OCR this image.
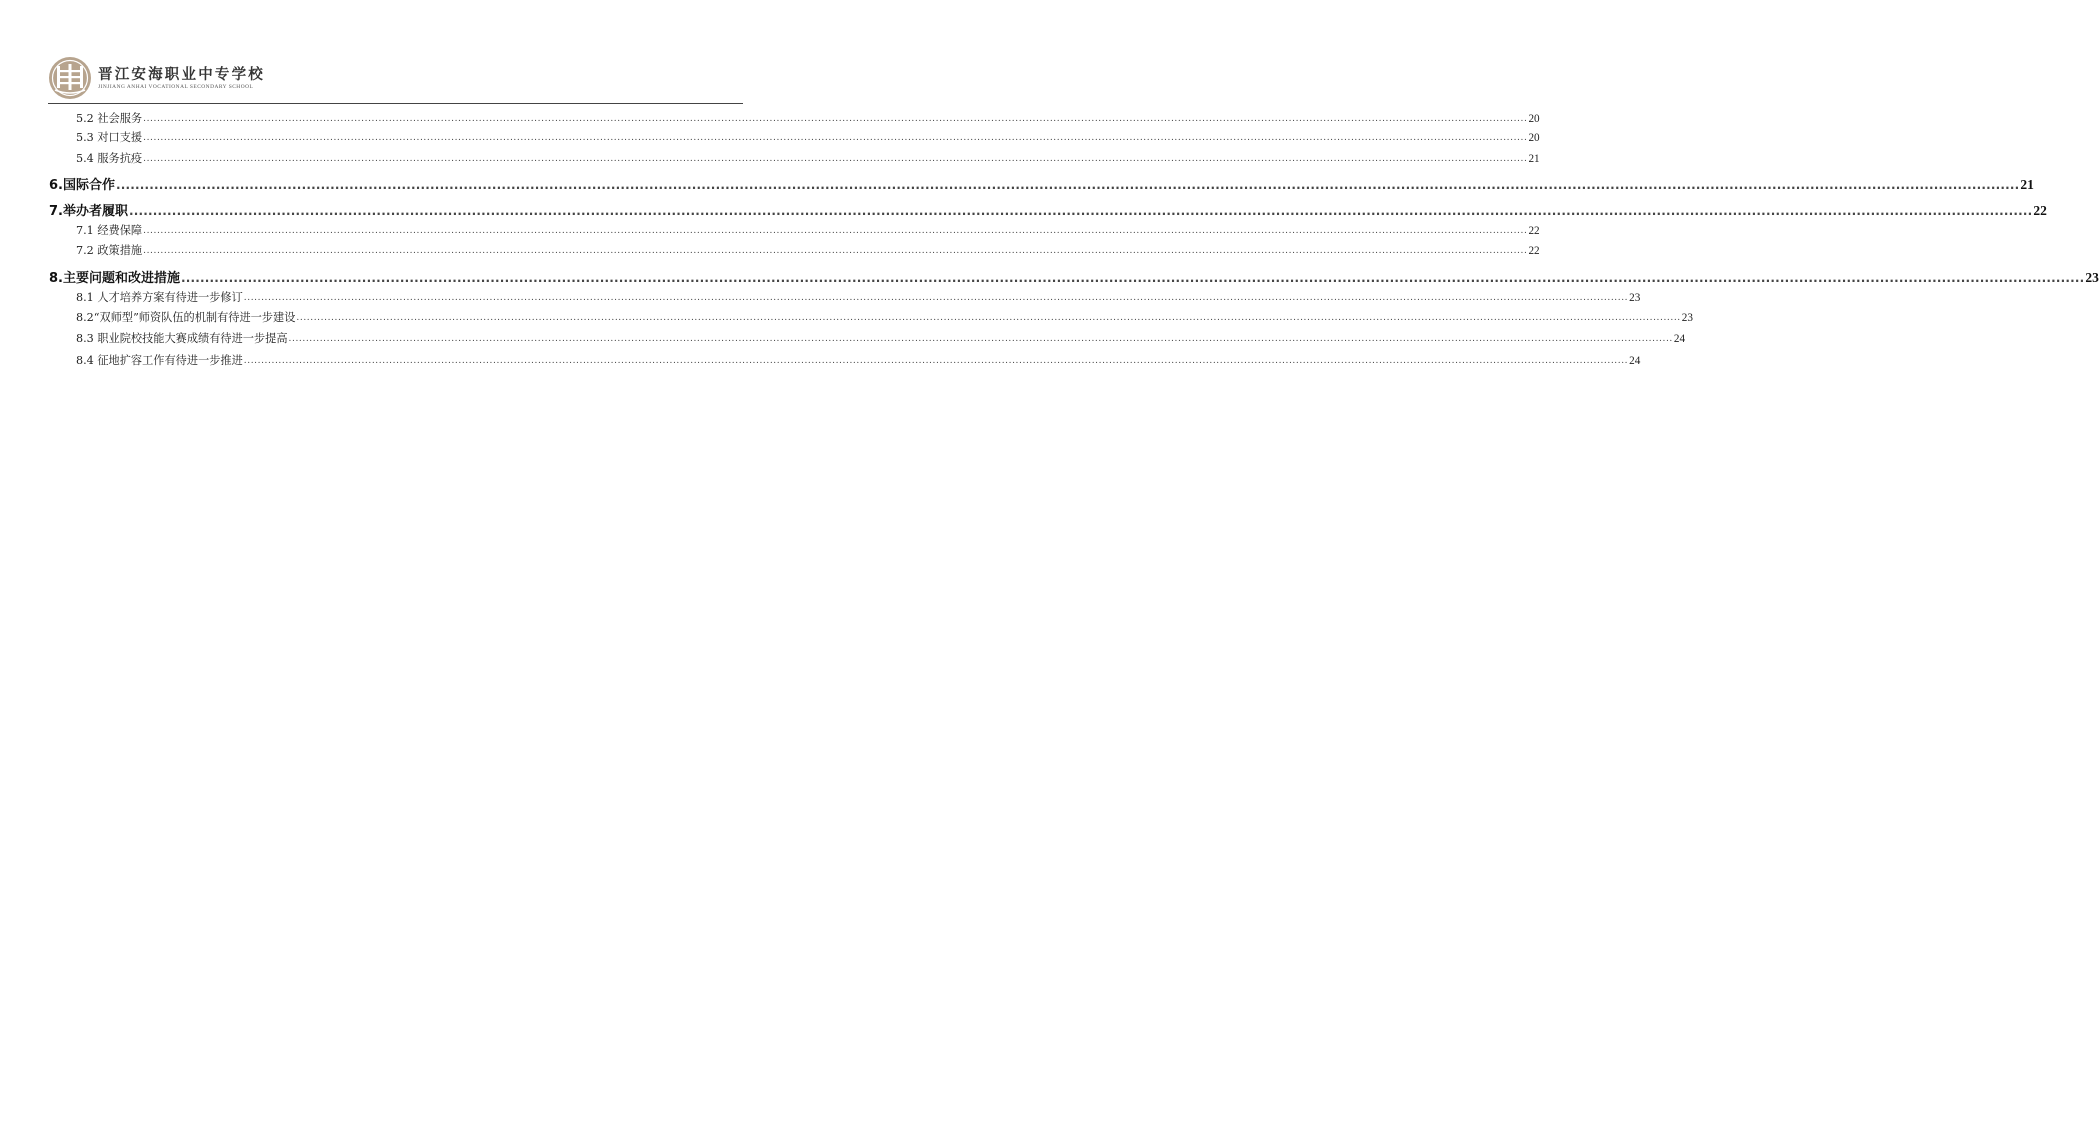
晋江安海职业中专学校
JINJIANG ANHAI VOCATIONAL SECONDARY SCHOOL
5.2 社会服务 ................................................................................................................................................................................................................................................................................................................................................................................................................ 20
5.3 对口支援 ................................................................................................................................................................................................................................................................................................................................................................................................................ 20
5.4 服务抗疫 ................................................................................................................................................................................................................................................................................................................................................................................................................ 21
6.国际合作 ................................................................................................................................................................................................................................................................................................................................................................................................................ 21
7.举办者履职 ................................................................................................................................................................................................................................................................................................................................................................................................................ 22
7.1 经费保障 ................................................................................................................................................................................................................................................................................................................................................................................................................ 22
7.2 政策措施 ................................................................................................................................................................................................................................................................................................................................................................................................................ 22
8.主要问题和改进措施 ................................................................................................................................................................................................................................................................................................................................................................................................................ 23
8.1 人才培养方案有待进一步修订 ................................................................................................................................................................................................................................................................................................................................................................................................................ 23
8.2“双师型”师资队伍的机制有待进一步建设 ................................................................................................................................................................................................................................................................................................................................................................................................................ 23
8.3 职业院校技能大赛成绩有待进一步提高 ................................................................................................................................................................................................................................................................................................................................................................................................................ 24
8.4 征地扩容工作有待进一步推进 ................................................................................................................................................................................................................................................................................................................................................................................................................ 24
